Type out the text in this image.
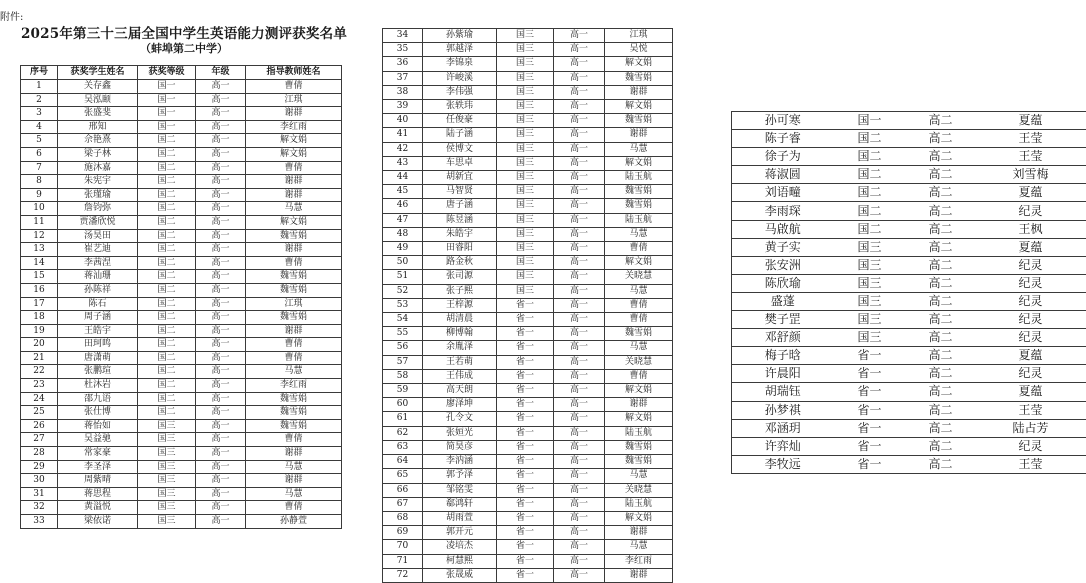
附件:
2025年第三十三届全国中学生英语能力测评获奖名单
（蚌埠第二中学）
序号	获奖学生姓名	获奖等级	年级	指导教师姓名
1	关存鑫	国一	高一	曹倩
2	吴泓颐	国一	高一	江琪
3	张盛斐	国一	高一	谢群
4	邢知	国一	高一	李红雨
5	佘艳熹	国二	高一	解文娟
6	梁子林	国二	高一	解文娟
7	施沐嘉	国二	高一	曹倩
8	朱宪宇	国二	高一	谢群
9	张瑾瑜	国二	高一	谢群
10	詹钧弥	国二	高一	马慧
11	贾潘欣悦	国二	高一	解文娟
12	汤昊田	国二	高一	魏雪娟
13	崔艺迪	国二	高一	谢群
14	李茜涅	国二	高一	曹倩
15	蒋汕珊	国二	高一	魏雪娟
16	孙陈祥	国二	高一	魏雪娟
17	陈石	国二	高一	江琪
18	周子涵	国二	高一	魏雪娟
19	王皓宇	国二	高一	谢群
20	田珂鸣	国二	高一	曹倩
21	唐潇萌	国二	高一	曹倩
22	张鹏瑄	国二	高一	马慧
23	杜沐岩	国二	高一	李红雨
24	邵九语	国二	高一	魏雪娟
25	张仕博	国二	高一	魏雪娟
26	蒋怡如	国三	高一	魏雪娟
27	吴益驰	国三	高一	曹倩
28	常家豪	国三	高一	谢群
29	李圣泽	国三	高一	马慧
30	周紫晴	国三	高一	谢群
31	蒋思程	国三	高一	马慧
32	黄溢悦	国三	高一	曹倩
33	梁依诺	国三	高一	孙静萱
34	孙紫瑜	国三	高一	江琪
35	郭越泽	国三	高一	吴悦
36	李锦泉	国三	高一	解文娟
37	许峻溪	国三	高一	魏雪娟
38	李伟强	国三	高一	谢群
39	张轶玮	国三	高一	解文娟
40	任俊豪	国三	高一	魏雪娟
41	陆子涵	国三	高一	谢群
42	侯博文	国三	高一	马慧
43	车思卓	国三	高一	解文娟
44	胡新宜	国三	高一	陆玉航
45	马智贤	国三	高一	魏雪娟
46	唐子涵	国三	高一	魏雪娟
47	陈昱涵	国三	高一	陆玉航
48	朱皓宇	国三	高一	马慧
49	田睿阳	国三	高一	曹倩
50	路金秋	国三	高一	解文娟
51	张司源	国三	高一	关晓慧
52	张子熙	国三	高一	马慧
53	王梓源	省一	高一	曹倩
54	胡清晨	省一	高一	曹倩
55	柳博翰	省一	高一	魏雪娟
56	余胤泽	省一	高一	马慧
57	王若萌	省一	高一	关晓慧
58	王伟成	省一	高一	曹倩
59	高天朗	省一	高一	解文娟
60	廖泽坤	省一	高一	谢群
61	孔令文	省一	高一	解文娟
62	张姮光	省一	高一	陆玉航
63	简昊彦	省一	高一	魏雪娟
64	李汭涵	省一	高一	魏雪娟
65	郭予泽	省一	高一	马慧
66	邹铭雯	省一	高一	关晓慧
67	郗鸿轩	省一	高一	陆玉航
68	胡雨萱	省一	高一	解文娟
69	郭开元	省一	高一	谢群
70	凌培杰	省一	高一	马慧
71	柯慧熙	省一	高一	李红雨
72	张晟威	省一	高一	谢群
孙可寒	国一	高二	夏蕴
陈子睿	国二	高二	王莹
徐子为	国二	高二	王莹
蒋淑圆	国二	高二	刘雪梅
刘语疃	国二	高二	夏蕴
李雨琛	国二	高二	纪灵
马啟航	国二	高二	王枫
黄子实	国三	高二	夏蕴
张安洲	国三	高二	纪灵
陈欣瑜	国三	高二	纪灵
盛蓬	国三	高二	纪灵
樊子罡	国三	高二	纪灵
邓舒颜	国三	高二	纪灵
梅子晗	省一	高二	夏蕴
许晨阳	省一	高二	纪灵
胡瑞钰	省一	高二	夏蕴
孙梦祺	省一	高二	王莹
邓涵玥	省一	高二	陆占芳
许弈灿	省一	高二	纪灵
李牧远	省一	高二	王莹
